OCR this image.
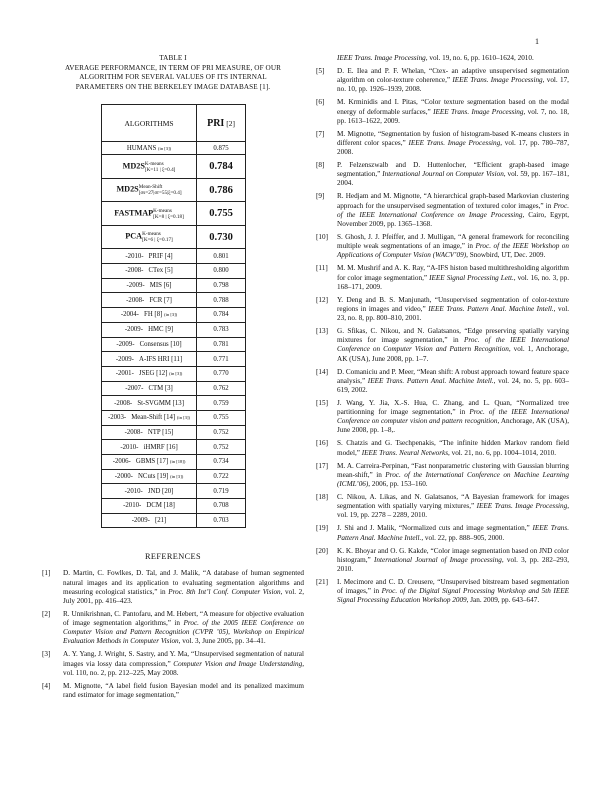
1

TABLE I

AVERAGE PERFORMANCE, IN TERM OF PRI MEASURE, OF OUR

ALGORITHM FOR SEVERAL VALUES OF ITS INTERNAL

PARAMETERS ON THE BERKELEY IMAGE DATABASE [1].

ALGORITHMS	PRI [2]
HUMANS (in [3])	0.875
MD2S K-means
[K=11 | ξ=0.4]	0.784
MD2S Mean-Shift
[σs=27|σr=55|ξ=0.4]	0.786
FASTMAP K-means
[K=8 | ξ=0.18]	0.755
PCA K-means
[K=6 | ξ=0.17]	0.730
-2010- PRIF [4]	0.801
-2008- CTex [5]	0.800
-2009- MIS [6]	0.798
-2008- FCR [7]	0.788
-2004- FH [8] (in [3])	0.784
-2009- HMC [9]	0.783
-2009- Consensus [10]	0.781
-2009- A-IFS HRI [11]	0.771
-2001- JSEG [12] (in [3])	0.770
-2007- CTM [3]	0.762
-2008- St-SVGMM [13]	0.759
-2003- Mean-Shift [14] (in [3])	0.755
-2008- NTP [15]	0.752
-2010- iHMRF [16]	0.752
-2006- GBMS [17] (in [18])	0.734
-2000- NCuts [19] (in [3])	0.722
-2010- JND [20]	0.719
-2010- DCM [18]	0.708
-2009- [21]	0.703
REFERENCES
[1] D. Martin, C. Fowlkes, D. Tal, and J. Malik, “A database of human segmented natural images and its application to evaluating segmentation algorithms and measuring ecological statistics,” in Proc. 8th Int’l Conf. Computer Vision, vol. 2, July 2001, pp. 416–423.
[2] R. Unnikrishnan, C. Pantofaru, and M. Hebert, “A measure for objective evaluation of image segmentation algorithms,” in Proc. of the 2005 IEEE Conference on Computer Vision and Pattern Recognition (CVPR ’05), Workshop on Empirical Evaluation Methods in Computer Vision, vol. 3, June 2005, pp. 34–41.
[3] A. Y. Yang, J. Wright, S. Sastry, and Y. Ma, “Unsupervised segmentation of natural images via lossy data compression,” Computer Vision and Image Understanding, vol. 110, no. 2, pp. 212–225, May 2008.
[4] M. Mignotte, “A label field fusion Bayesian model and its penalized maximum rand estimator for image segmentation,”
IEEE Trans. Image Processing, vol. 19, no. 6, pp. 1610–1624, 2010.
[5] D. E. Ilea and P. F. Whelan, “Ctex- an adaptive unsupervised segmentation algorithm on color-texture coherence,” IEEE Trans. Image Processing, vol. 17, no. 10, pp. 1926–1939, 2008.
[6] M. Krminidis and I. Pitas, “Color texture segmentation based on the modal energy of deformable surfaces,” IEEE Trans. Image Processing, vol. 7, no. 18, pp. 1613–1622, 2009.
[7] M. Mignotte, “Segmentation by fusion of histogram-based K-means clusters in different color spaces,” IEEE Trans. Image Processing, vol. 17, pp. 780–787, 2008.
[8] P. Felzenszwalb and D. Huttenlocher, “Efficient graph-based image segmentation,” International Journal on Computer Vision, vol. 59, pp. 167–181, 2004.
[9] R. Hedjam and M. Mignotte, “A hierarchical graph-based Markovian clustering approach for the unsupervised segmentation of textured color images,” in Proc. of the IEEE International Conference on Image Processing, Cairo, Egypt, November 2009, pp. 1365–1368.
[10] S. Ghosh, J. J. Pfeiffer, and J. Mulligan, “A general framework for reconciling multiple weak segmentations of an image,” in Proc. of the IEEE Workshop on Applications of Computer Vision (WACV’09), Snowbird, UT, Dec. 2009.
[11] M. M. Mushrif and A. K. Ray, “A-IFS histon based multithresholding algorithm for color image segmentation,” IEEE Signal Processing Lett., vol. 16, no. 3, pp. 168–171, 2009.
[12] Y. Deng and B. S. Manjunath, “Unsupervised segmentation of color-texture regions in images and video,” IEEE Trans. Pattern Anal. Machine Intell., vol. 23, no. 8, pp. 800–810, 2001.
[13] G. Sfikas, C. Nikou, and N. Galatsanos, “Edge preserving spatially varying mixtures for image segmentation,” in Proc. of the IEEE International Conference on Computer Vision and Pattern Recognition, vol. 1, Anchorage, AK (USA), June 2008, pp. 1–7.
[14] D. Comaniciu and P. Meer, “Mean shift: A robust approach toward feature space analysis,” IEEE Trans. Pattern Anal. Machine Intell., vol. 24, no. 5, pp. 603–619, 2002.
[15] J. Wang, Y. Jia, X.-S. Hua, C. Zhang, and L. Quan, “Normalized tree partitionning for image segmentation,” in Proc. of the IEEE International Conference on computer vision and pattern recognition, Anchorage, AK (USA), June 2008, pp. 1–8,.
[16] S. Chatzis and G. Tsechpenakis, “The infinite hidden Markov random field model,” IEEE Trans. Neural Networks, vol. 21, no. 6, pp. 1004–1014, 2010.
[17] M. A. Carreira-Perpinan, “Fast nonparametric clustering with Gaussian blurring mean-shift,” in Proc. of the International Conference on Machine Learning (ICML’06), 2006, pp. 153–160.
[18] C. Nikou, A. Likas, and N. Galatsanos, “A Bayesian framework for images segmentation with spatially varying mixtures,” IEEE Trans. Image Processing, vol. 19, pp. 2278 – 2289, 2010.
[19] J. Shi and J. Malik, “Normalized cuts and image segmentation,” IEEE Trans. Pattern Anal. Machine Intell., vol. 22, pp. 888–905, 2000.
[20] K. K. Bhoyar and O. G. Kakde, “Color image segmentation based on JND color histogram,” International Journal of Image processing, vol. 3, pp. 282–293, 2010.
[21] I. Mecimore and C. D. Creusere, “Unsupervised bitstream based segmentation of images,” in Proc. of the Digital Signal Processing Workshop and 5th IEEE Signal Processing Education Workshop 2009, Jan. 2009, pp. 643–647.
